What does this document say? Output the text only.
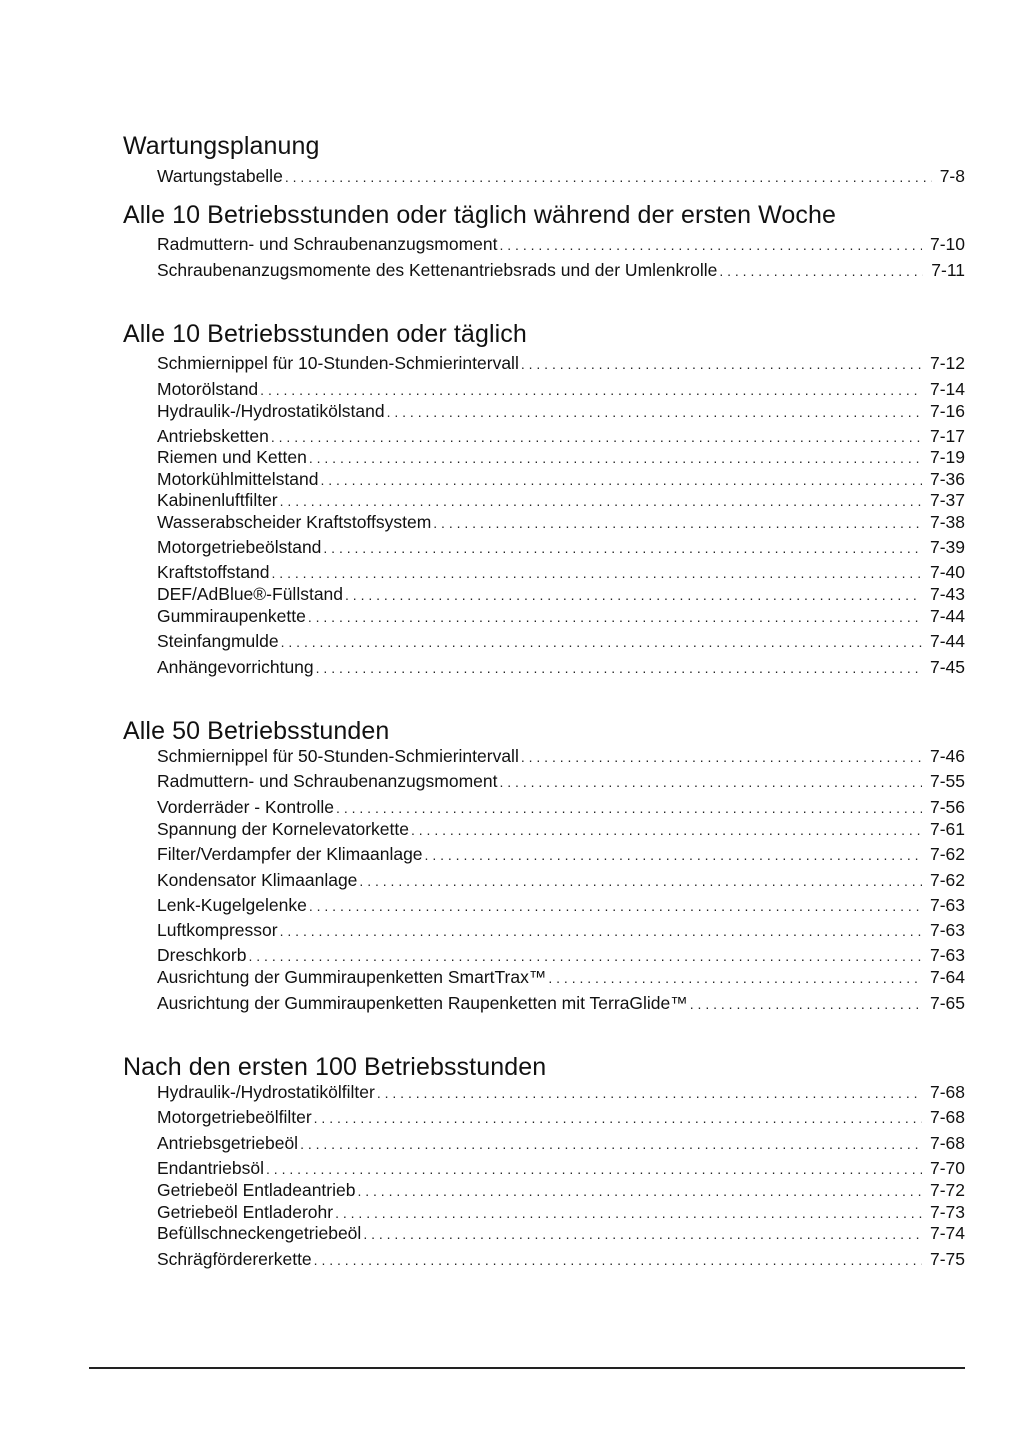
Wartungsplanung
Wartungstabelle . . .	7-8
Alle 10 Betriebsstunden oder täglich während der ersten Woche
Radmuttern- und Schraubenanzugsmoment . . .	7-10
Schraubenanzugsmomente des Kettenantriebsrads und der Umlenkrolle . . .	7-11
Alle 10 Betriebsstunden oder täglich
Schmiernippel für 10-Stunden-Schmierintervall . . .	7-12
Motorölstand . . .	7-14
Hydraulik-/Hydrostatikölstand . . .	7-16
Antriebsketten . . .	7-17
Riemen und Ketten . . .	7-19
Motorkühlmittelstand . . .	7-36
Kabinenluftfilter . . .	7-37
Wasserabscheider Kraftstoffsystem . . .	7-38
Motorgetriebeölstand . . .	7-39
Kraftstoffstand . . .	7-40
DEF/AdBlue®-Füllstand . . .	7-43
Gummiraupenkette . . .	7-44
Steinfangmulde . . .	7-44
Anhängevorrichtung . . .	7-45
Alle 50 Betriebsstunden
Schmiernippel für 50-Stunden-Schmierintervall . . .	7-46
Radmuttern- und Schraubenanzugsmoment . . .	7-55
Vorderräder - Kontrolle . . .	7-56
Spannung der Kornelevatorkette . . .	7-61
Filter/Verdampfer der Klimaanlage . . .	7-62
Kondensator Klimaanlage . . .	7-62
Lenk-Kugelgelenke . . .	7-63
Luftkompressor . . .	7-63
Dreschkorb . . .	7-63
Ausrichtung der Gummiraupenketten SmartTrax™ . . .	7-64
Ausrichtung der Gummiraupenketten Raupenketten mit TerraGlide™ . . .	7-65
Nach den ersten 100 Betriebsstunden
Hydraulik-/Hydrostatikölfilter . . .	7-68
Motorgetriebeölfilter . . .	7-68
Antriebsgetriebeöl . . .	7-68
Endantriebsöl . . .	7-70
Getriebeöl Entladeantrieb . . .	7-72
Getriebeöl Entladerohr . . .	7-73
Befüllschneckengetriebeöl . . .	7-74
Schrägfördererkette . . .	7-75
